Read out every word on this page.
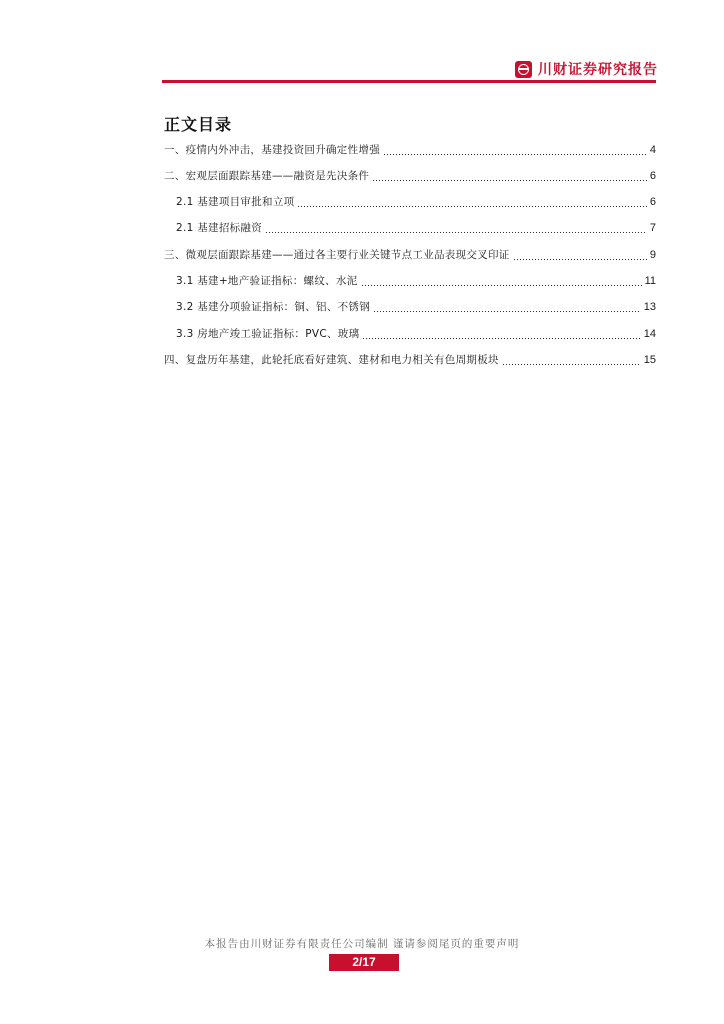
川财证券研究报告
正文目录
一、疫情内外冲击，基建投资回升确定性增强	4
二、宏观层面跟踪基建——融资是先决条件	6
2.1 基建项目审批和立项	6
2.1 基建招标融资	7
三、微观层面跟踪基建——通过各主要行业关键节点工业品表现交叉印证	9
3.1 基建+地产验证指标：螺纹、水泥	11
3.2 基建分项验证指标：铜、铝、不锈钢	13
3.3 房地产竣工验证指标：PVC、玻璃	14
四、复盘历年基建，此轮托底看好建筑、建材和电力相关有色周期板块	15
本报告由川财证券有限责任公司编制 谨请参阅尾页的重要声明
2/17
